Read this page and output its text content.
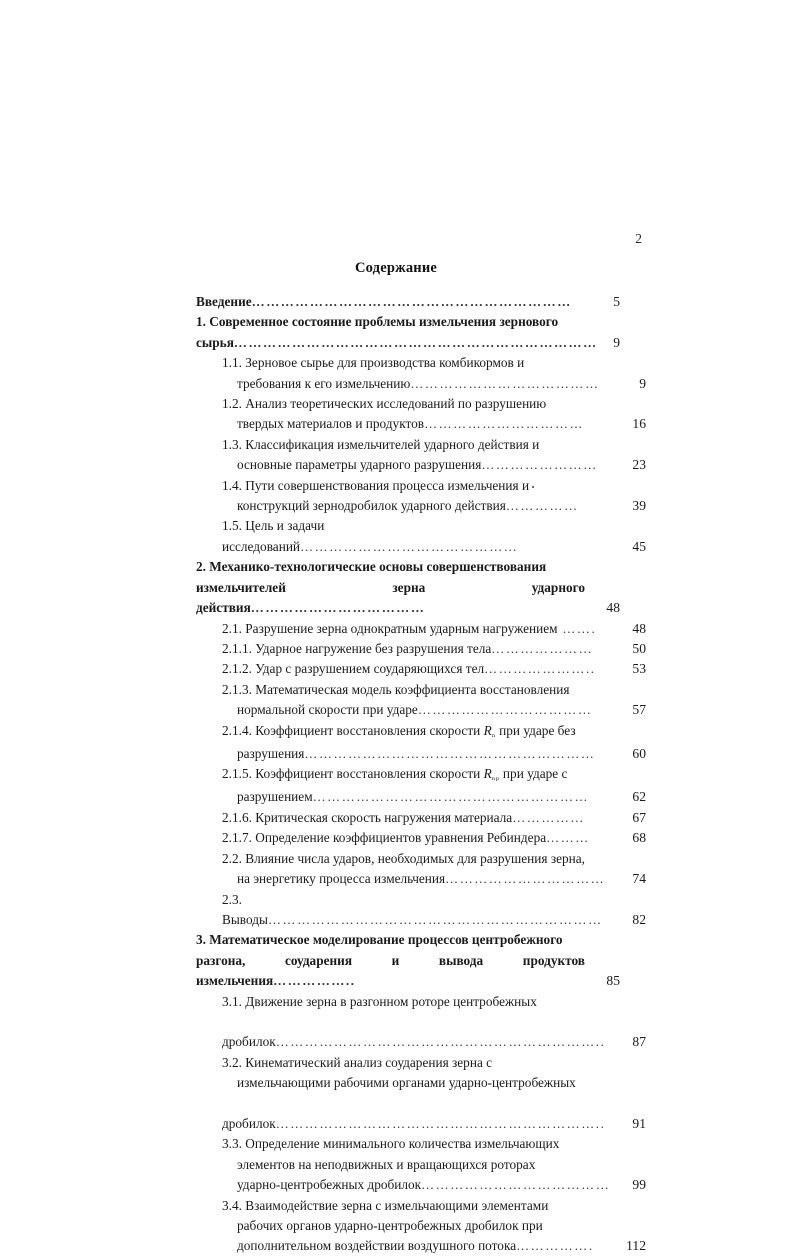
2
Содержание

Введение…………………………………………………………	5

1. Современное состояние проблемы измельчения зернового
сырья…………………………………………………………………	9

1.1. Зерновое сырье для производства комбикормов и
требования к его измельчению…………………………………	9

1.2. Анализ теоретических исследований по разрушению
твердых материалов и продуктов……………………………	16

1.3. Классификация измельчителей ударного действия и
основные параметры ударного разрушения……………………	23

1.4. Пути совершенствования процесса измельчения и
конструкций зернодробилок ударного действия……………	39

1.5. Цель и задачи исследований………………………………………	45

2. Механико-технологические основы совершенствования
измельчителей зерна ударного действия………………………………	48

2.1. Разрушение зерна однократным ударным нагружением …….	48

2.1.1. Ударное нагружение без разрушения тела…………………	50

2.1.2. Удар с разрушением соударяющихся тел…………………..	53

2.1.3. Математическая модель коэффициента восстановления
нормальной скорости при ударе………………………………	57

2.1.4. Коэффициент восстановления скорости Rₙ при ударе без
разрушения……………………………………………………	60

2.1.5. Коэффициент восстановления скорости Rₙₚ при ударе с
разрушением…………………………………………………	62

2.1.6. Критическая скорость нагружения материала……………	67

2.1.7. Определение коэффициентов уравнения Ребиндера………	68

2.2. Влияние числа ударов, необходимых для разрушения зерна,
на энергетику процесса измельчения……………………………	74

2.3. Выводы……………………………………………………………	82

3. Математическое моделирование процессов центробежного
разгона, соударения и вывода продуктов измельчения……………..	85

3.1. Движение зерна в разгонном роторе центробежных
дробилок…………………………………………………………..	87

3.2. Кинематический анализ соударения зерна с
измельчающими рабочими органами ударно-центробежных
дробилок…………………………………………………………..	91

3.3. Определение минимального количества измельчающих
элементов на неподвижных и вращающихся роторах
ударно-центробежных дробилок…………………………………	99

3.4. Взаимодействие зерна с измельчающими элементами
рабочих органов ударно-центробежных дробилок при
дополнительном воздействии воздушного потока…………….	112
